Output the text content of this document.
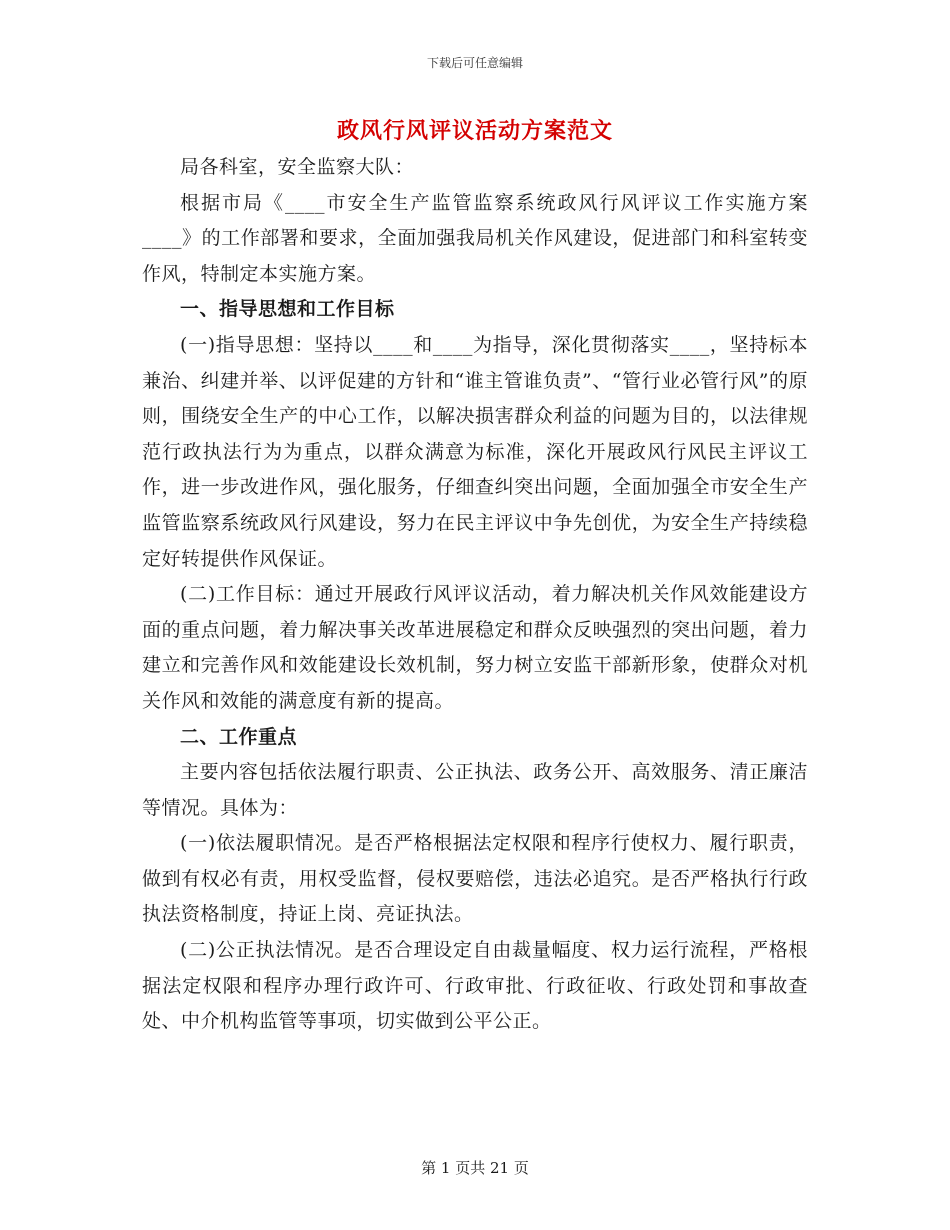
下载后可任意编辑
政风行风评议活动方案范文

局各科室，安全监察大队：

根据市局《____市安全生产监管监察系统政风行风评议工作实施方案____》的工作部署和要求，全面加强我局机关作风建设，促进部门和科室转变作风，特制定本实施方案。

一、指导思想和工作目标

(一)指导思想：坚持以____和____为指导，深化贯彻落实____，坚持标本兼治、纠建并举、以评促建的方针和“谁主管谁负责”、“管行业必管行风”的原则，围绕安全生产的中心工作，以解决损害群众利益的问题为目的，以法律规范行政执法行为为重点，以群众满意为标准，深化开展政风行风民主评议工作，进一步改进作风，强化服务，仔细查纠突出问题，全面加强全市安全生产监管监察系统政风行风建设，努力在民主评议中争先创优，为安全生产持续稳定好转提供作风保证。

(二)工作目标：通过开展政行风评议活动，着力解决机关作风效能建设方面的重点问题，着力解决事关改革进展稳定和群众反映强烈的突出问题，着力建立和完善作风和效能建设长效机制，努力树立安监干部新形象，使群众对机关作风和效能的满意度有新的提高。

二、工作重点

主要内容包括依法履行职责、公正执法、政务公开、高效服务、清正廉洁等情况。具体为：

(一)依法履职情况。是否严格根据法定权限和程序行使权力、履行职责，做到有权必有责，用权受监督，侵权要赔偿，违法必追究。是否严格执行行政执法资格制度，持证上岗、亮证执法。

(二)公正执法情况。是否合理设定自由裁量幅度、权力运行流程，严格根据法定权限和程序办理行政许可、行政审批、行政征收、行政处罚和事故查处、中介机构监管等事项，切实做到公平公正。

第 1 页共 21 页
